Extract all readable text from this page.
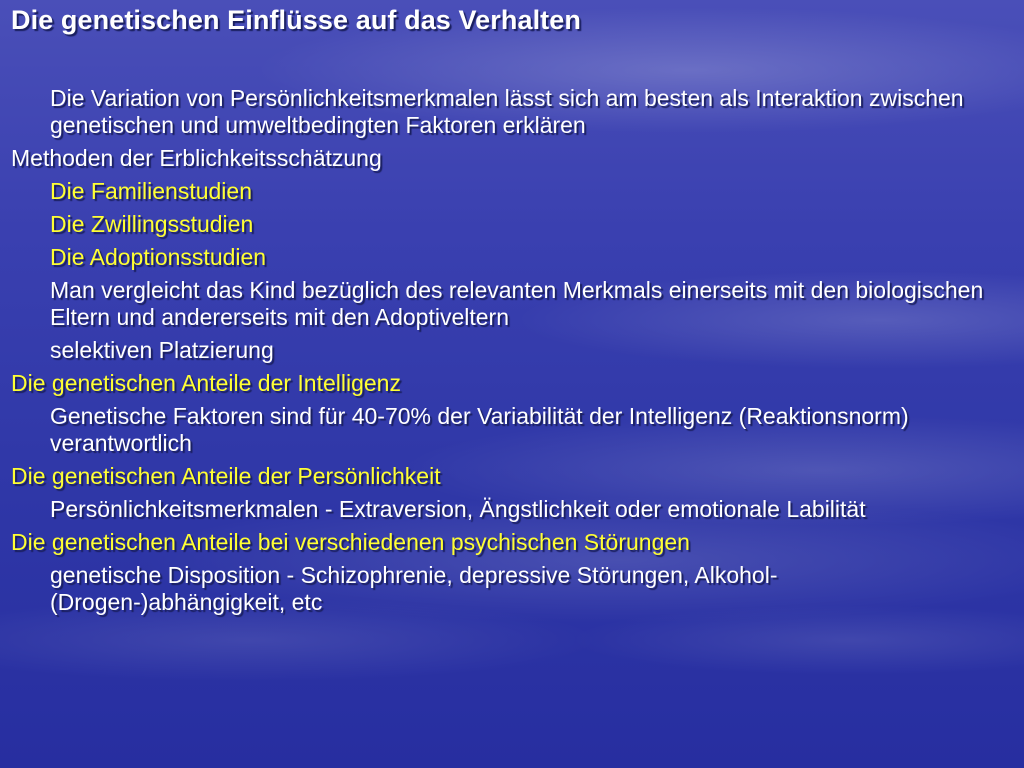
Die genetischen Einflüsse auf das Verhalten

Die Variation von Persönlichkeitsmerkmalen lässt sich am besten als Interaktion zwischen genetischen und umweltbedingten Faktoren erklären

Methoden der Erblichkeitsschätzung

Die Familienstudien

Die Zwillingsstudien

Die Adoptionsstudien

Man vergleicht das Kind bezüglich des relevanten Merkmals einerseits mit den biologischen Eltern und andererseits mit den Adoptiveltern

selektiven Platzierung

Die genetischen Anteile der Intelligenz

Genetische Faktoren sind für 40-70% der Variabilität der Intelligenz (Reaktionsnorm) verantwortlich

Die genetischen Anteile der Persönlichkeit

Persönlichkeitsmerkmalen - Extraversion, Ängstlichkeit oder emotionale Labilität

Die genetischen Anteile bei verschiedenen psychischen Störungen

genetische Disposition - Schizophrenie, depressive Störungen, Alkohol-(Drogen-)abhängigkeit, etc
